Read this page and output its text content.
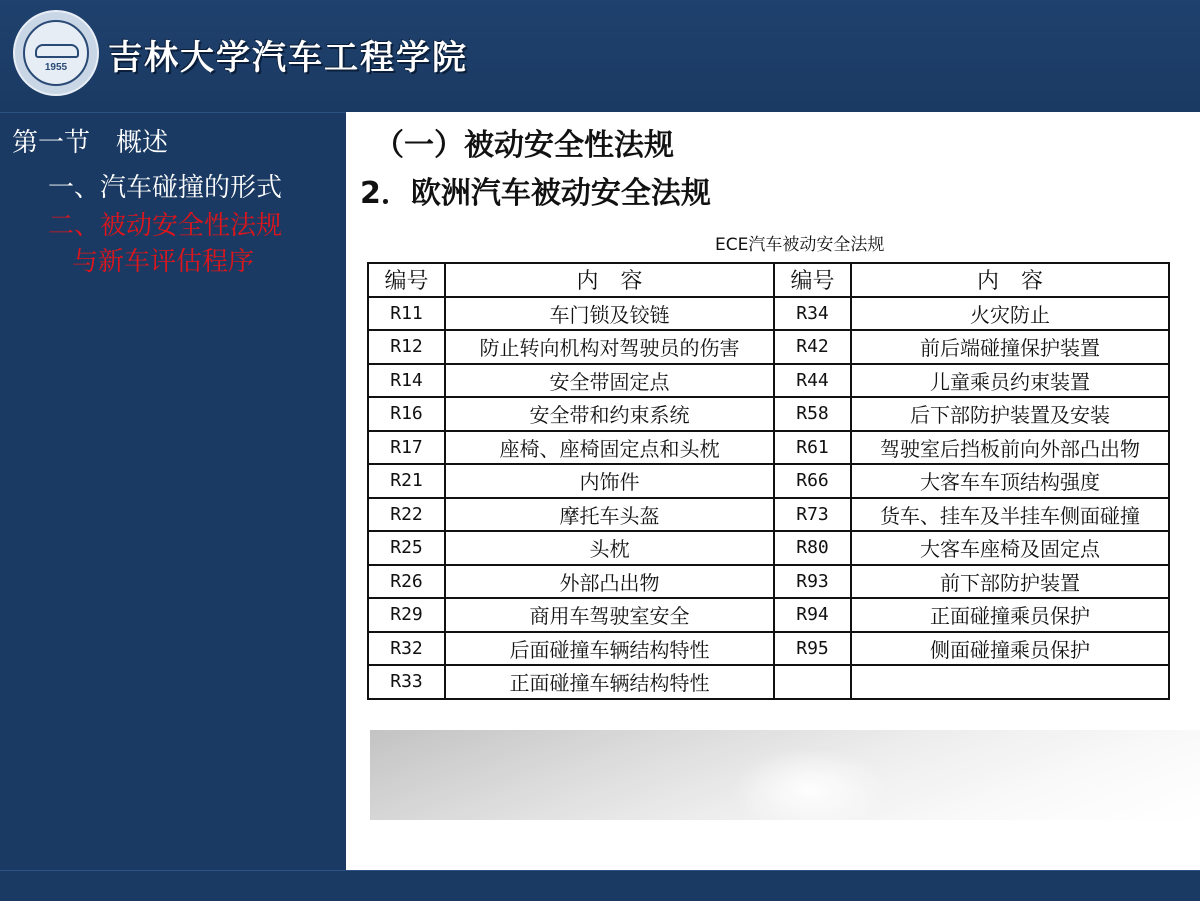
1955	吉林大学汽车工程学院
第一节　概述
一、汽车碰撞的形式
二、被动安全性法规
与新车评估程序
（一）被动安全性法规
2．欧洲汽车被动安全法规
ECE汽车被动安全法规
编号	内　容	编号	内　容
R11	车门锁及铰链	R34	火灾防止
R12	防止转向机构对驾驶员的伤害	R42	前后端碰撞保护装置
R14	安全带固定点	R44	儿童乘员约束装置
R16	安全带和约束系统	R58	后下部防护装置及安装
R17	座椅、座椅固定点和头枕	R61	驾驶室后挡板前向外部凸出物
R21	内饰件	R66	大客车车顶结构强度
R22	摩托车头盔	R73	货车、挂车及半挂车侧面碰撞
R25	头枕	R80	大客车座椅及固定点
R26	外部凸出物	R93	前下部防护装置
R29	商用车驾驶室安全	R94	正面碰撞乘员保护
R32	后面碰撞车辆结构特性	R95	侧面碰撞乘员保护
R33	正面碰撞车辆结构特性		
